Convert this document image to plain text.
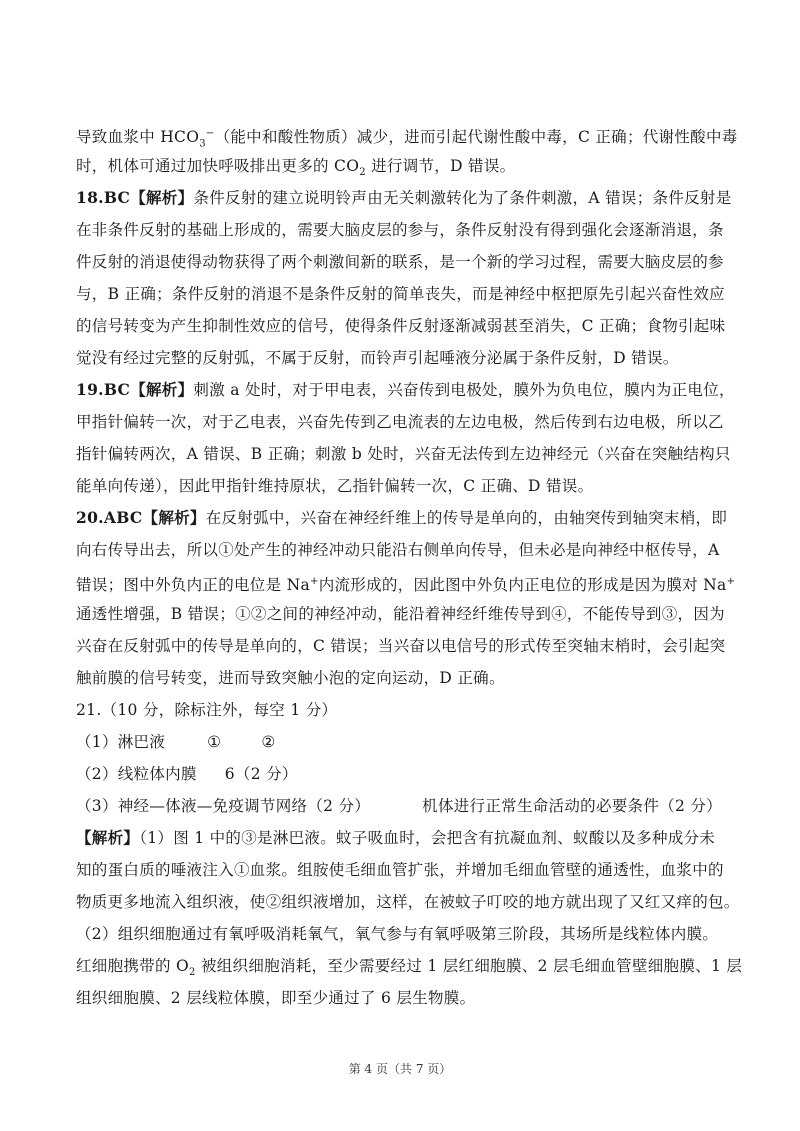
导致血浆中 $HCO_3^-$（能中和酸性物质）减少，进而引起代谢性酸中毒，C 正确；代谢性酸中毒
时，机体可通过加快呼吸排出更多的 $CO_2$ 进行调节，D 错误。
18.BC【解析】条件反射的建立说明铃声由无关刺激转化为了条件刺激，A 错误；条件反射是
在非条件反射的基础上形成的，需要大脑皮层的参与，条件反射没有得到强化会逐渐消退，条
件反射的消退使得动物获得了两个刺激间新的联系，是一个新的学习过程，需要大脑皮层的参
与，B 正确；条件反射的消退不是条件反射的简单丧失，而是神经中枢把原先引起兴奋性效应
的信号转变为产生抑制性效应的信号，使得条件反射逐渐减弱甚至消失，C 正确；食物引起味
觉没有经过完整的反射弧，不属于反射，而铃声引起唾液分泌属于条件反射，D 错误。
19.BC【解析】刺激 a 处时，对于甲电表，兴奋传到电极处，膜外为负电位，膜内为正电位，
甲指针偏转一次，对于乙电表，兴奋先传到乙电流表的左边电极，然后传到右边电极，所以乙
指针偏转两次，A 错误、B 正确；刺激 b 处时，兴奋无法传到左边神经元（兴奋在突触结构只
能单向传递），因此甲指针维持原状，乙指针偏转一次，C 正确、D 错误。
20.ABC【解析】在反射弧中，兴奋在神经纤维上的传导是单向的，由轴突传到轴突末梢，即
向右传导出去，所以①处产生的神经冲动只能沿右侧单向传导，但未必是向神经中枢传导，A
错误；图中外负内正的电位是 Na+内流形成的，因此图中外负内正电位的形成是因为膜对 Na+
通透性增强，B 错误；①②之间的神经冲动，能沿着神经纤维传导到④，不能传导到③，因为
兴奋在反射弧中的传导是单向的，C 错误；当兴奋以电信号的形式传至突轴末梢时，会引起突
触前膜的信号转变，进而导致突触小泡的定向运动，D 正确。
21.（10 分，除标注外，每空 1 分）
（1）淋巴液	①	②
（2）线粒体内膜 6（2 分）
（3）神经—体液—免疫调节网络（2 分）	机体进行正常生命活动的必要条件（2 分）
【解析】（1）图 1 中的③是淋巴液。蚊子吸血时，会把含有抗凝血剂、蚁酸以及多种成分未
知的蛋白质的唾液注入①血浆。组胺使毛细血管扩张，并增加毛细血管壁的通透性，血浆中的
物质更多地流入组织液，使②组织液增加，这样，在被蚊子叮咬的地方就出现了又红又痒的包。
（2）组织细胞通过有氧呼吸消耗氧气，氧气参与有氧呼吸第三阶段，其场所是线粒体内膜。
红细胞携带的 $O_2$ 被组织细胞消耗，至少需要经过 1 层红细胞膜、2 层毛细血管壁细胞膜、1 层
组织细胞膜、2 层线粒体膜，即至少通过了 6 层生物膜。
第 4 页（共 7 页）
